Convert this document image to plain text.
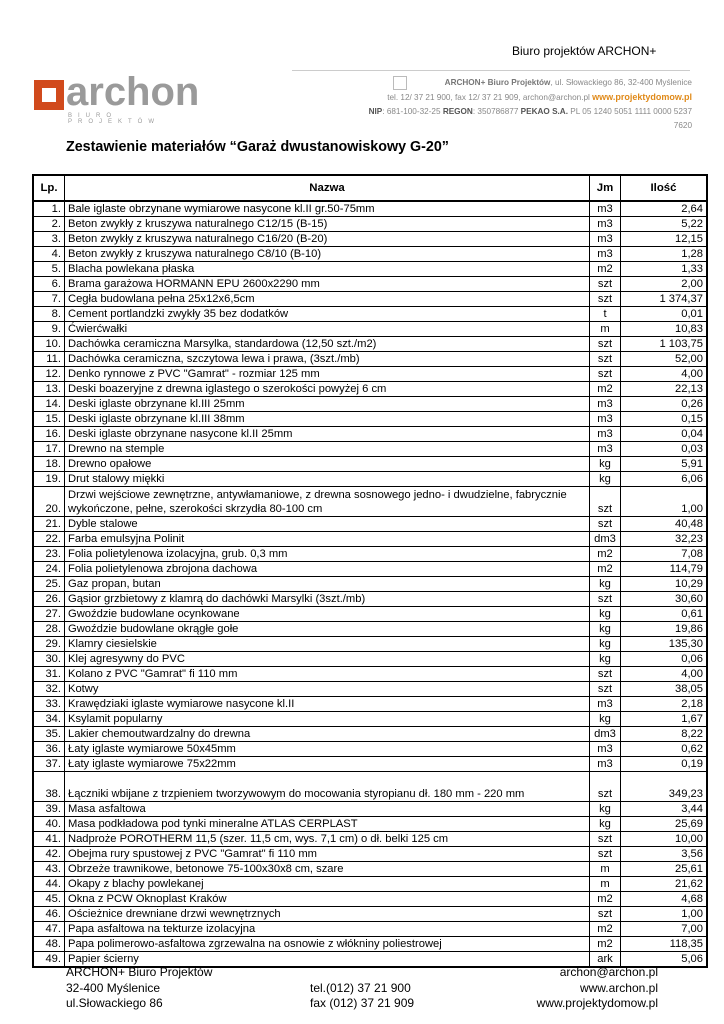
Biuro projektów ARCHON+
archon
BIURO PROJEKTÓW
ARCHON+ Biuro Projektów, ul. Słowackiego 86, 32-400 Myślenice
tel. 12/ 37 21 900, fax 12/ 37 21 909, archon@archon.pl www.projektydomow.pl
NIP: 681-100-32-25 REGON: 350786877 PEKAO S.A. PL 05 1240 5051 1111 0000 5237 7620
Zestawienie materiałów “Garaż dwustanowiskowy G-20”
Lp.	Nazwa	Jm	Ilość
1.	Bale iglaste obrzynane wymiarowe nasycone kl.II gr.50-75mm	m3	2,64
2.	Beton zwykły z kruszywa naturalnego C12/15 (B-15)	m3	5,22
3.	Beton zwykły z kruszywa naturalnego C16/20 (B-20)	m3	12,15
4.	Beton zwykły z kruszywa naturalnego C8/10 (B-10)	m3	1,28
5.	Blacha powlekana płaska	m2	1,33
6.	Brama garażowa HORMANN EPU 2600x2290 mm	szt	2,00
7.	Cegła budowlana pełna 25x12x6,5cm	szt	1 374,37
8.	Cement portlandzki zwykły 35 bez dodatków	t	0,01
9.	Ćwierćwałki	m	10,83
10.	Dachówka ceramiczna Marsylka, standardowa (12,50 szt./m2)	szt	1 103,75
11.	Dachówka ceramiczna, szczytowa lewa i prawa, (3szt./mb)	szt	52,00
12.	Denko rynnowe z PVC "Gamrat" - rozmiar 125 mm	szt	4,00
13.	Deski boazeryjne z drewna iglastego o szerokości powyżej 6 cm	m2	22,13
14.	Deski iglaste obrzynane kl.III 25mm	m3	0,26
15.	Deski iglaste obrzynane kl.III 38mm	m3	0,15
16.	Deski iglaste obrzynane nasycone kl.II 25mm	m3	0,04
17.	Drewno na stemple	m3	0,03
18.	Drewno opałowe	kg	5,91
19.	Drut stalowy miękki	kg	6,06
20.	Drzwi wejściowe zewnętrzne, antywłamaniowe, z drewna sosnowego jedno- i dwudzielne, fabrycznie wykończone, pełne, szerokości skrzydła 80-100 cm	szt	1,00
21.	Dyble stalowe	szt	40,48
22.	Farba emulsyjna Polinit	dm3	32,23
23.	Folia polietylenowa izolacyjna, grub. 0,3 mm	m2	7,08
24.	Folia polietylenowa zbrojona dachowa	m2	114,79
25.	Gaz propan, butan	kg	10,29
26.	Gąsior grzbietowy z klamrą do dachówki Marsylki (3szt./mb)	szt	30,60
27.	Gwoździe budowlane ocynkowane	kg	0,61
28.	Gwoździe budowlane okrągłe gołe	kg	19,86
29.	Klamry ciesielskie	kg	135,30
30.	Klej agresywny do PVC	kg	0,06
31.	Kolano z PVC "Gamrat" fi 110 mm	szt	4,00
32.	Kotwy	szt	38,05
33.	Krawędziaki iglaste wymiarowe nasycone kl.II	m3	2,18
34.	Ksylamit popularny	kg	1,67
35.	Lakier chemoutwardzalny do drewna	dm3	8,22
36.	Łaty iglaste wymiarowe 50x45mm	m3	0,62
37.	Łaty iglaste wymiarowe 75x22mm	m3	0,19
38.	Łączniki wbijane z trzpieniem tworzywowym do mocowania styropianu dł. 180 mm - 220 mm	szt	349,23
39.	Masa asfaltowa	kg	3,44
40.	Masa podkładowa pod tynki mineralne ATLAS CERPLAST	kg	25,69
41.	Nadproże POROTHERM 11,5 (szer. 11,5 cm, wys. 7,1 cm) o dł. belki 125 cm	szt	10,00
42.	Obejma rury spustowej z PVC "Gamrat" fi 110 mm	szt	3,56
43.	Obrzeże trawnikowe, betonowe 75-100x30x8 cm, szare	m	25,61
44.	Okapy z blachy powlekanej	m	21,62
45.	Okna z PCW Oknoplast Kraków	m2	4,68
46.	Ościeżnice drewniane drzwi wewnętrznych	szt	1,00
47.	Papa asfaltowa na tekturze izolacyjna	m2	7,00
48.	Papa polimerowo-asfaltowa zgrzewalna na osnowie z włókniny poliestrowej	m2	118,35
49.	Papier ścierny	ark	5,06
ARCHON+ Biuro Projektów
32-400 Myślenice
ul.Słowackiego 86
tel.(012) 37 21 900
fax (012) 37 21 909
archon@archon.pl
www.archon.pl
www.projektydomow.pl
